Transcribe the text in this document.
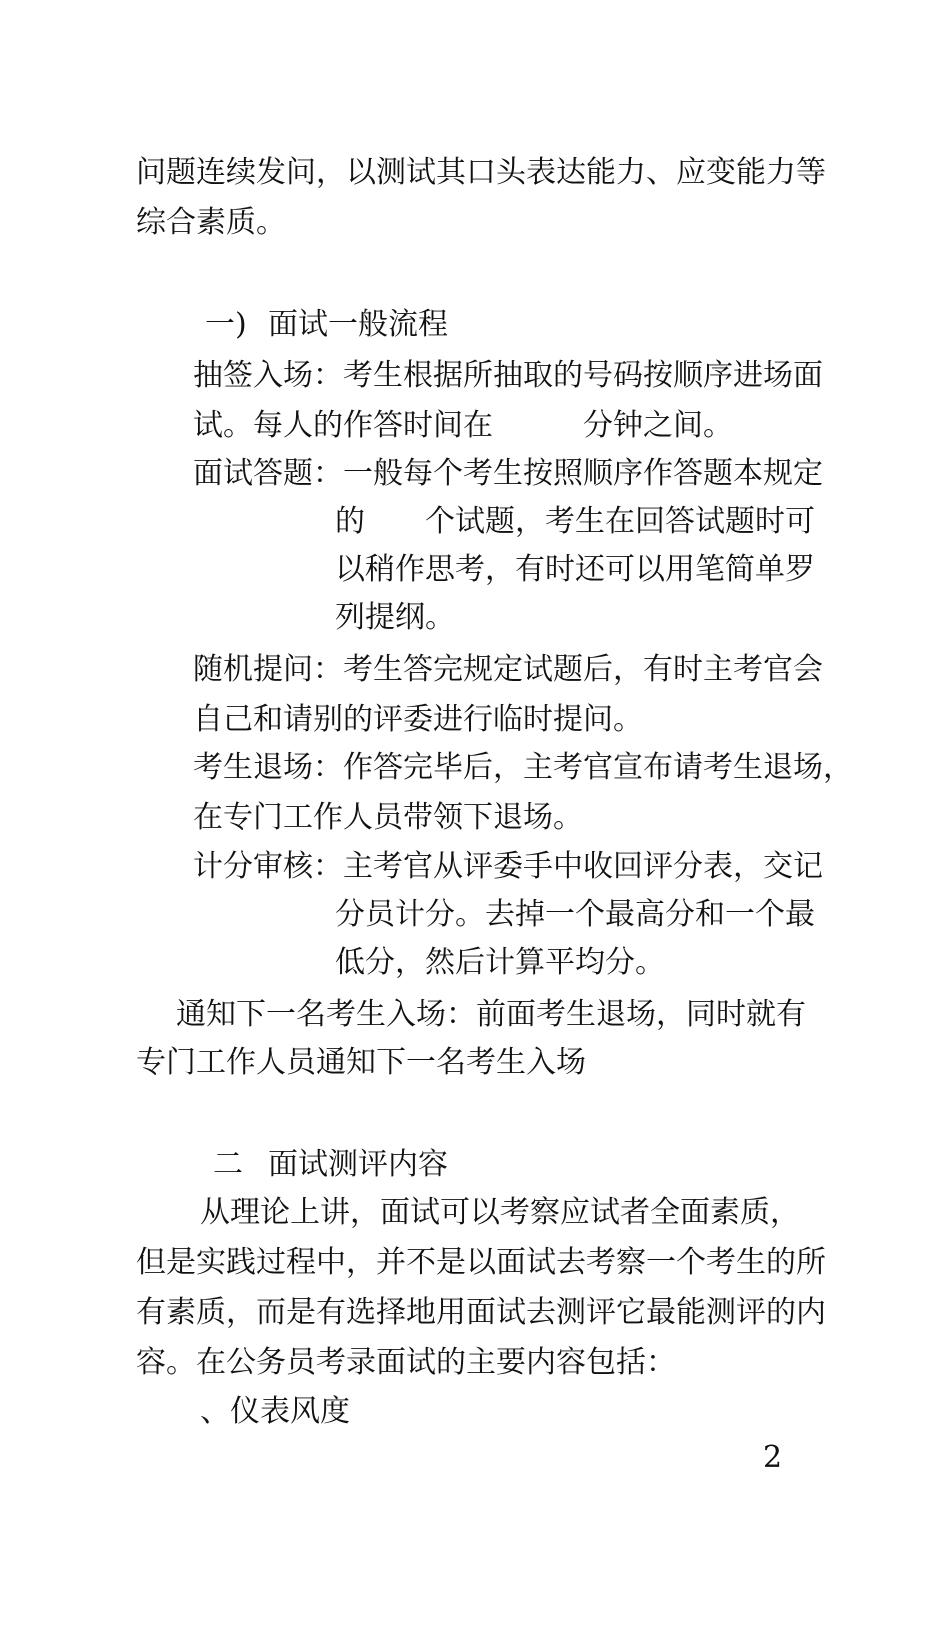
问题连续发问，以测试其口头表达能力、应变能力等
综合素质。
一) 面试一般流程
抽签入场：考生根据所抽取的号码按顺序进场面
试。每人的作答时间在　　　分钟之间。
面试答题：一般每个考生按照顺序作答题本规定
的　　个试题，考生在回答试题时可
以稍作思考，有时还可以用笔简单罗
列提纲。
随机提问：考生答完规定试题后，有时主考官会
自己和请别的评委进行临时提问。
考生退场：作答完毕后，主考官宣布请考生退场，
在专门工作人员带领下退场。
计分审核：主考官从评委手中收回评分表，交记
分员计分。去掉一个最高分和一个最
低分，然后计算平均分。
通知下一名考生入场：前面考生退场，同时就有
专门工作人员通知下一名考生入场
二 面试测评内容
从理论上讲，面试可以考察应试者全面素质，
但是实践过程中，并不是以面试去考察一个考生的所
有素质，而是有选择地用面试去测评它最能测评的内
容。在公务员考录面试的主要内容包括：
、仪表风度
2
